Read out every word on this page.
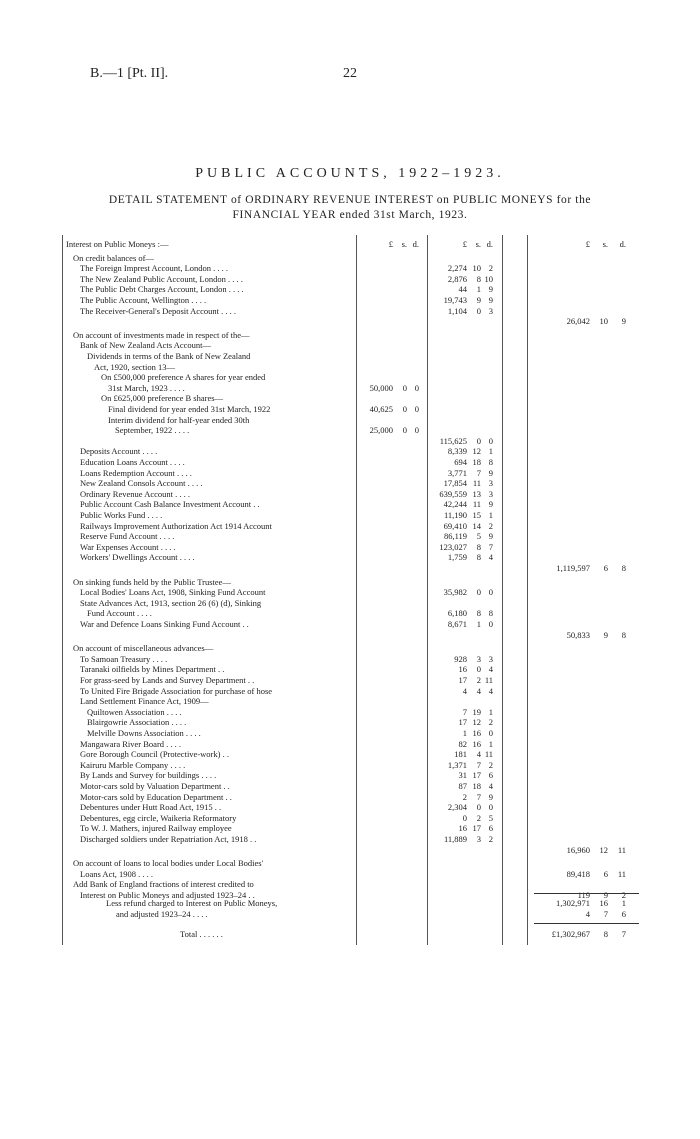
B.—1 [Pt. II].	22
PUBLIC ACCOUNTS, 1922–1923.
DETAIL STATEMENT of ORDINARY REVENUE INTEREST on PUBLIC MONEYS for the
FINANCIAL YEAR ended 31st March, 1923.
Interest on Public Moneys :—	£ s. d.	£ s. d.	£ s. d.
On credit balances of—
The Foreign Imprest Account, London . . . .	2,274 10 2
The New Zealand Public Account, London . . . .	2,876 8 10
The Public Debt Charges Account, London . . . .	44 1 9
The Public Account, Wellington . . . .	19,743 9 9
The Receiver-General's Deposit Account . . . .	1,104 0 3
26,042 10 9
On account of investments made in respect of the—
Bank of New Zealand Acts Account—
Dividends in terms of the Bank of New Zealand
Act, 1920, section 13—
On £500,000 preference A shares for year ended
31st March, 1923 . . . .	50,000 0 0
On £625,000 preference B shares—
Final dividend for year ended 31st March, 1922	40,625 0 0
Interim dividend for half-year ended 30th
September, 1922 . . . .	25,000 0 0
115,625 0 0
Deposits Account . . . .	8,339 12 1
Education Loans Account . . . .	694 18 8
Loans Redemption Account . . . .	3,771 7 9
New Zealand Consols Account . . . .	17,854 11 3
Ordinary Revenue Account . . . .	639,559 13 3
Public Account Cash Balance Investment Account . .	42,244 11 9
Public Works Fund . . . .	11,190 15 1
Railways Improvement Authorization Act 1914 Account	69,410 14 2
Reserve Fund Account . . . .	86,119 5 9
War Expenses Account . . . .	123,027 8 7
Workers' Dwellings Account . . . .	1,759 8 4
1,119,597 6 8
On sinking funds held by the Public Trustee—
Local Bodies' Loans Act, 1908, Sinking Fund Account	35,982 0 0
State Advances Act, 1913, section 26 (6) (d), Sinking
Fund Account . . . .	6,180 8 8
War and Defence Loans Sinking Fund Account . .	8,671 1 0
50,833 9 8
On account of miscellaneous advances—
To Samoan Treasury . . . .	928 3 3
Taranaki oilfields by Mines Department . .	16 0 4
For grass-seed by Lands and Survey Department . .	17 2 11
To United Fire Brigade Association for purchase of hose	4 4 4
Land Settlement Finance Act, 1909—
Quiltowen Association . . . .	7 19 1
Blairgowrie Association . . . .	17 12 2
Melville Downs Association . . . .	1 16 0
Mangawara River Board . . . .	82 16 1
Gore Borough Council (Protective-work) . .	181 4 11
Kairuru Marble Company . . . .	1,371 7 2
By Lands and Survey for buildings . . . .	31 17 6
Motor-cars sold by Valuation Department . .	87 18 4
Motor-cars sold by Education Department . .	2 7 9
Debentures under Hutt Road Act, 1915 . .	2,304 0 0
Debentures, egg circle, Waikeria Reformatory	0 2 5
To W. J. Mathers, injured Railway employee	16 17 6
Discharged soldiers under Repatriation Act, 1918 . .	11,889 3 2
16,960 12 11
On account of loans to local bodies under Local Bodies'
Loans Act, 1908 . . . .	89,418 6 11
Add Bank of England fractions of interest credited to
Interest on Public Moneys and adjusted 1923–24 . .	119 9 2
1,302,971 16 1
Less refund charged to Interest on Public Moneys,
and adjusted 1923–24 . . . .	4 7 6
Total . . . . . .	£1,302,967 8 7
